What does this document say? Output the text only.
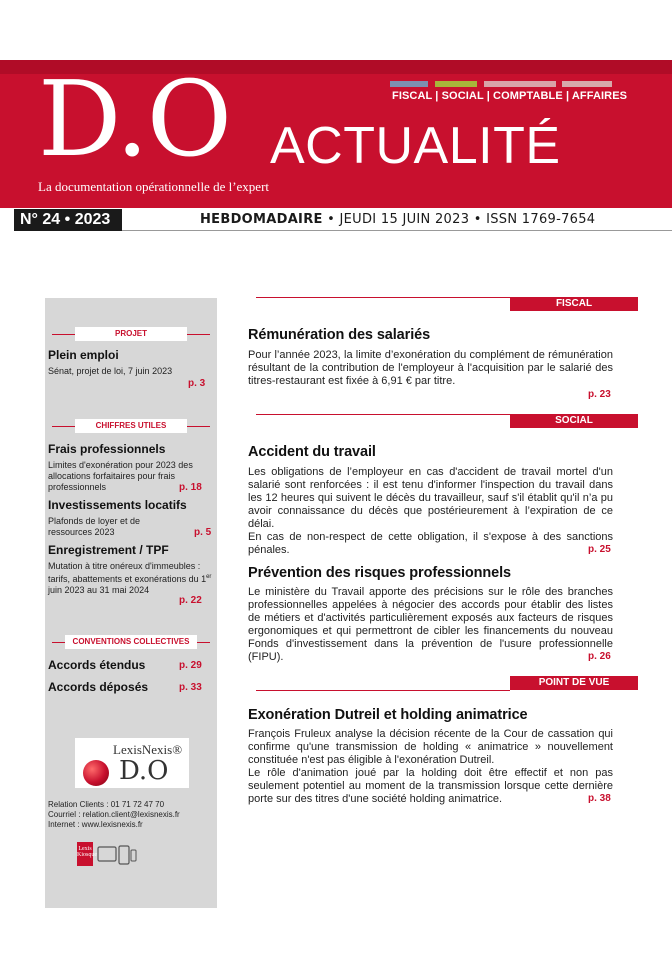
FISCAL | SOCIAL | COMPTABLE | AFFAIRES
D.O ACTUALITÉ
La documentation opérationnelle de l’expert
N° 24 • 2023	HEBDOMADAIRE • JEUDI 15 JUIN 2023 • ISSN 1769-7654
PROJET
Plein emploi
Sénat, projet de loi, 7 juin 2023
p. 3
CHIFFRES UTILES
Frais professionnels
Limites d'exonération pour 2023 des allocations forfaitaires pour frais professionnels	p. 18
Investissements locatifs
Plafonds de loyer et de ressources 2023	p. 5
Enregistrement / TPF
Mutation à titre onéreux d'immeubles : tarifs, abattements et exonérations du 1er juin 2023 au 31 mai 2024
p. 22
CONVENTIONS COLLECTIVES
Accords étendus	p. 29
Accords déposés	p. 33
LexisNexis®
D.O
Relation Clients : 01 71 72 47 70
Courriel : relation.client@lexisnexis.fr
Internet : www.lexisnexis.fr
Lexis Kiosque
FISCAL
Rémunération des salariés
Pour l’année 2023, la limite d’exonération du complément de rémunération résultant de la contribution de l'employeur à l'acquisition par le salarié des titres-restaurant est fixée à 6,91 € par titre.
p. 23
SOCIAL
Accident du travail
Les obligations de l’employeur en cas d'accident de travail mortel d'un salarié sont renforcées : il est tenu d'informer l'inspection du travail dans les 12 heures qui suivent le décès du travailleur, sauf s'il établit qu'il n’a pu avoir connaissance du décès que postérieurement à l’expiration de ce délai.
En cas de non-respect de cette obligation, il s'expose à des sanctions pénales.	p. 25
Prévention des risques professionnels
Le ministère du Travail apporte des précisions sur le rôle des branches professionnelles appelées à négocier des accords pour établir des listes de métiers et d'activités particulièrement exposés aux facteurs de risques ergonomiques et qui permettront de cibler les financements du nouveau Fonds d'investissement dans la prévention de l'usure professionnelle (FIPU).	p. 26
POINT DE VUE
Exonération Dutreil et holding animatrice
François Fruleux analyse la décision récente de la Cour de cassation qui confirme qu'une transmission de holding « animatrice » nouvellement constituée n'est pas éligible à l'exonération Dutreil.
Le rôle d'animation joué par la holding doit être effectif et non pas seulement potentiel au moment de la transmission lorsque cette dernière porte sur des titres d'une société holding animatrice.	p. 38
